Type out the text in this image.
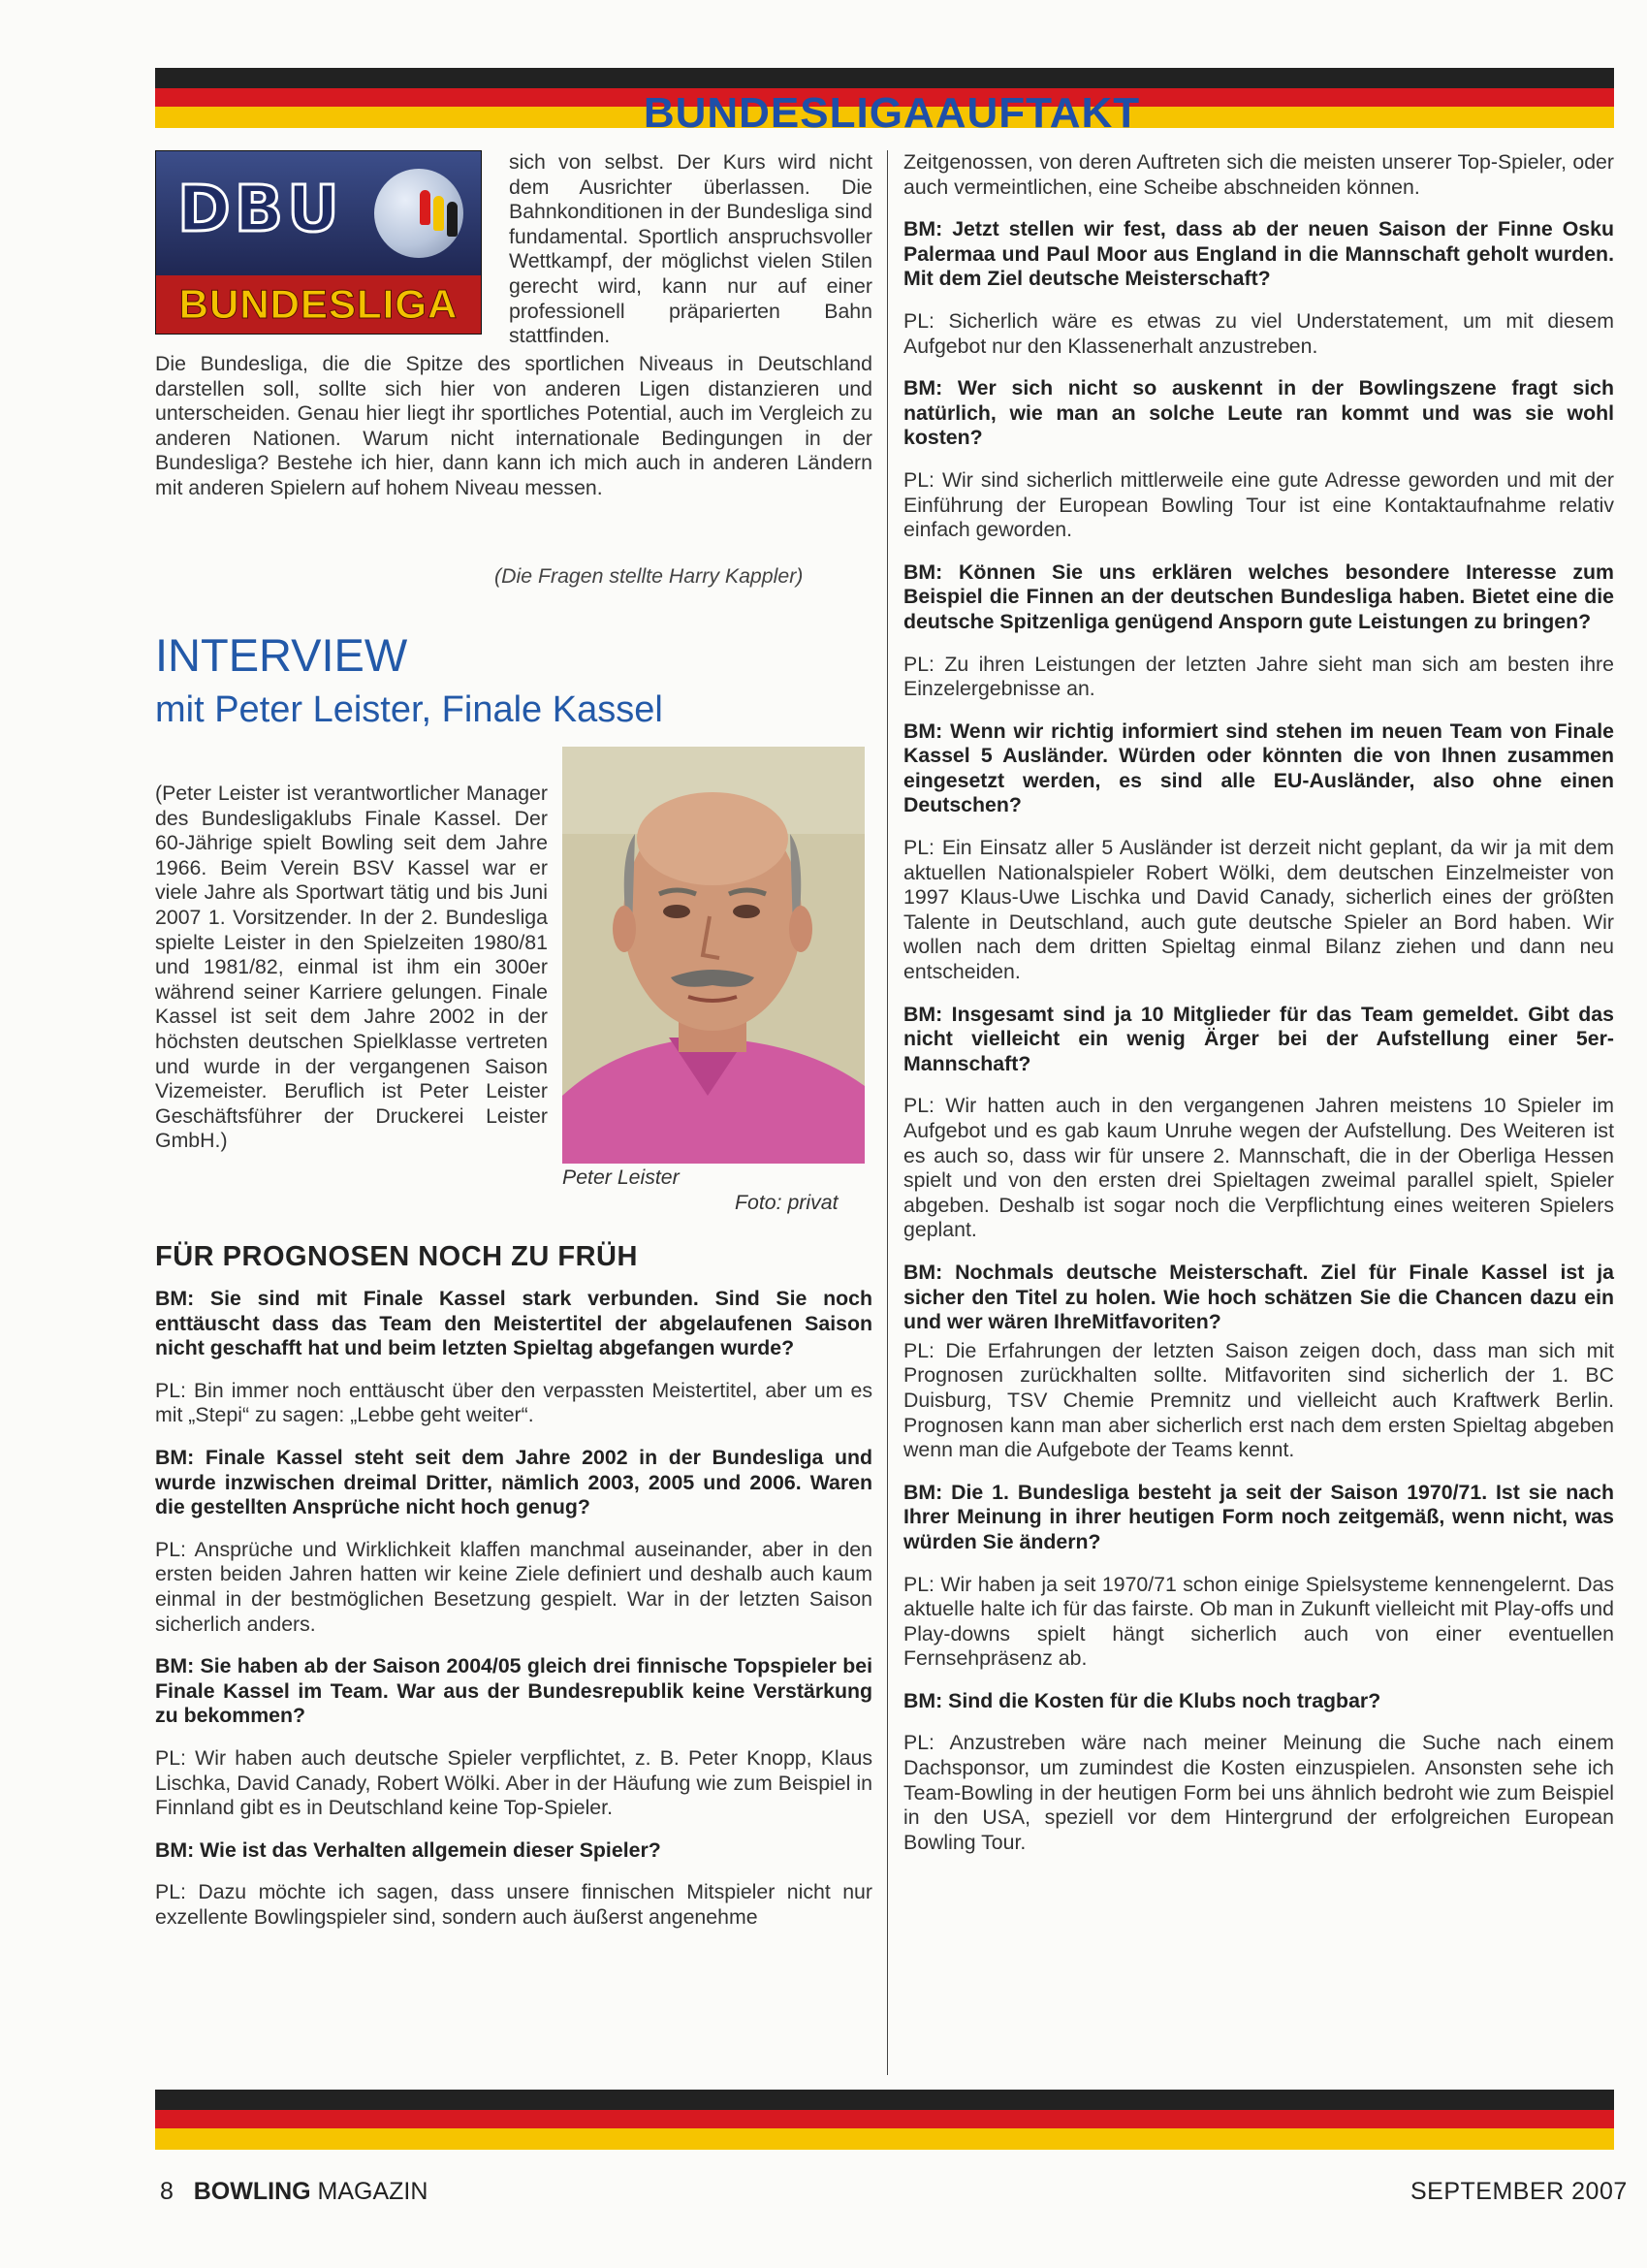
BUNDESLIGAAUFTAKT
DBU
BUNDESLIGA

sich von selbst. Der Kurs wird nicht dem Ausrichter überlassen. Die Bahnkonditionen in der Bundesliga sind fundamental. Sportlich anspruchsvoller Wettkampf, der möglichst vielen Stilen gerecht wird, kann nur auf einer professionell präparierten Bahn stattfinden.

Die Bundesliga, die die Spitze des sportlichen Niveaus in Deutschland darstellen soll, sollte sich hier von anderen Ligen distanzieren und unterscheiden. Genau hier liegt ihr sportliches Potential, auch im Vergleich zu anderen Nationen. Warum nicht internationale Bedingungen in der Bundesliga? Bestehe ich hier, dann kann ich mich auch in anderen Ländern mit anderen Spielern auf hohem Niveau messen.

(Die Fragen stellte Harry Kappler)
INTERVIEW
mit Peter Leister, Finale Kassel
(Peter Leister ist verantwortlicher Manager des Bundesligaklubs Finale Kassel. Der 60-Jährige spielt Bowling seit dem Jahre 1966. Beim Verein BSV Kassel war er viele Jahre als Sportwart tätig und bis Juni 2007 1. Vorsitzender. In der 2. Bundesliga spielte Leister in den Spielzeiten 1980/81 und 1981/82, einmal ist ihm ein 300er während seiner Karriere gelungen. Finale Kassel ist seit dem Jahre 2002 in der höchsten deutschen Spielklasse vertreten und wurde in der vergangenen Saison Vizemeister. Beruflich ist Peter Leister Geschäftsführer der Druckerei Leister GmbH.)
Peter Leister
Foto: privat
FÜR PROGNOSEN NOCH ZU FRÜH

BM: Sie sind mit Finale Kassel stark verbunden. Sind Sie noch enttäuscht dass das Team den Meistertitel der abgelaufenen Saison nicht geschafft hat und beim letzten Spieltag abgefangen wurde?

PL: Bin immer noch enttäuscht über den verpassten Meistertitel, aber um es mit „Stepi“ zu sagen: „Lebbe geht weiter“.

BM: Finale Kassel steht seit dem Jahre 2002 in der Bundesliga und wurde inzwischen dreimal Dritter, nämlich 2003, 2005 und 2006. Waren die gestellten Ansprüche nicht hoch genug?

PL: Ansprüche und Wirklichkeit klaffen manchmal auseinander, aber in den ersten beiden Jahren hatten wir keine Ziele definiert und deshalb auch kaum einmal in der bestmöglichen Besetzung gespielt. War in der letzten Saison sicherlich anders.

BM: Sie haben ab der Saison 2004/05 gleich drei finnische Topspieler bei Finale Kassel im Team. War aus der Bundesrepublik keine Verstärkung zu bekommen?

PL: Wir haben auch deutsche Spieler verpflichtet, z. B. Peter Knopp, Klaus Lischka, David Canady, Robert Wölki. Aber in der Häufung wie zum Beispiel in Finnland gibt es in Deutschland keine Top-Spieler.

BM: Wie ist das Verhalten allgemein dieser Spieler?

PL: Dazu möchte ich sagen, dass unsere finnischen Mitspieler nicht nur exzellente Bowlingspieler sind, sondern auch äußerst angenehme

Zeitgenossen, von deren Auftreten sich die meisten unserer Top-Spieler, oder auch vermeintlichen, eine Scheibe abschneiden können.

BM: Jetzt stellen wir fest, dass ab der neuen Saison der Finne Osku Palermaa und Paul Moor aus England in die Mannschaft geholt wurden. Mit dem Ziel deutsche Meisterschaft?

PL: Sicherlich wäre es etwas zu viel Understatement, um mit diesem Aufgebot nur den Klassenerhalt anzustreben.

BM: Wer sich nicht so auskennt in der Bowlingszene fragt sich natürlich, wie man an solche Leute ran kommt und was sie wohl kosten?

PL: Wir sind sicherlich mittlerweile eine gute Adresse geworden und mit der Einführung der European Bowling Tour ist eine Kontaktaufnahme relativ einfach geworden.

BM: Können Sie uns erklären welches besondere Interesse zum Beispiel die Finnen an der deutschen Bundesliga haben. Bietet eine die deutsche Spitzenliga genügend Ansporn gute Leistungen zu bringen?

PL: Zu ihren Leistungen der letzten Jahre sieht man sich am besten ihre Einzelergebnisse an.

BM: Wenn wir richtig informiert sind stehen im neuen Team von Finale Kassel 5 Ausländer. Würden oder könnten die von Ihnen zusammen eingesetzt werden, es sind alle EU-Ausländer, also ohne einen Deutschen?

PL: Ein Einsatz aller 5 Ausländer ist derzeit nicht geplant, da wir ja mit dem aktuellen Nationalspieler Robert Wölki, dem deutschen Einzelmeister von 1997 Klaus-Uwe Lischka und David Canady, sicherlich eines der größten Talente in Deutschland, auch gute deutsche Spieler an Bord haben. Wir wollen nach dem dritten Spieltag einmal Bilanz ziehen und dann neu entscheiden.

BM: Insgesamt sind ja 10 Mitglieder für das Team gemeldet. Gibt das nicht vielleicht ein wenig Ärger bei der Aufstellung einer 5er-Mannschaft?

PL: Wir hatten auch in den vergangenen Jahren meistens 10 Spieler im Aufgebot und es gab kaum Unruhe wegen der Aufstellung. Des Weiteren ist es auch so, dass wir für unsere 2. Mannschaft, die in der Oberliga Hessen spielt und von den ersten drei Spieltagen zweimal parallel spielt, Spieler abgeben. Deshalb ist sogar noch die Verpflichtung eines weiteren Spielers geplant.

BM: Nochmals deutsche Meisterschaft. Ziel für Finale Kassel ist ja sicher den Titel zu holen. Wie hoch schätzen Sie die Chancen dazu ein und wer wären IhreMitfavoriten?

PL: Die Erfahrungen der letzten Saison zeigen doch, dass man sich mit Prognosen zurückhalten sollte. Mitfavoriten sind sicherlich der 1. BC Duisburg, TSV Chemie Premnitz und vielleicht auch Kraftwerk Berlin. Prognosen kann man aber sicherlich erst nach dem ersten Spieltag abgeben wenn man die Aufgebote der Teams kennt.

BM: Die 1. Bundesliga besteht ja seit der Saison 1970/71. Ist sie nach Ihrer Meinung in ihrer heutigen Form noch zeitgemäß, wenn nicht, was würden Sie ändern?

PL: Wir haben ja seit 1970/71 schon einige Spielsysteme kennengelernt. Das aktuelle halte ich für das fairste. Ob man in Zukunft vielleicht mit Play-offs und Play-downs spielt hängt sicherlich auch von einer eventuellen Fernsehpräsenz ab.

BM: Sind die Kosten für die Klubs noch tragbar?

PL: Anzustreben wäre nach meiner Meinung die Suche nach einem Dachsponsor, um zumindest die Kosten einzuspielen. Ansonsten sehe ich Team-Bowling in der heutigen Form bei uns ähnlich bedroht wie zum Beispiel in den USA, speziell vor dem Hintergrund der erfolgreichen European Bowling Tour.

8 BOWLING MAGAZIN	SEPTEMBER 2007
